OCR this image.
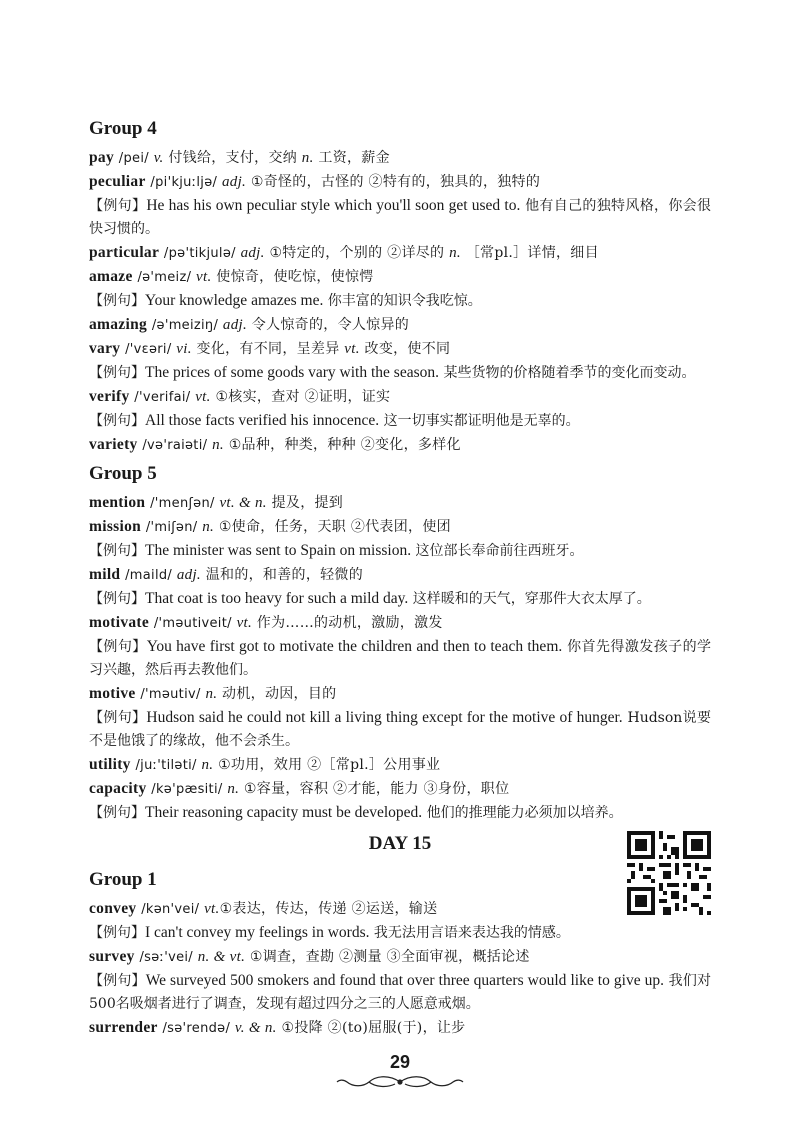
Group 4
pay /pei/ v. 付钱给，支付，交纳 n. 工资，薪金
peculiar /pi'kjuːljə/ adj. ①奇怪的，古怪的 ②特有的，独具的，独特的
【例句】He has his own peculiar style which you'll soon get used to. 他有自己的独特风格，你会很快习惯的。
particular /pə'tikjulə/ adj. ①特定的，个别的 ②详尽的 n. ［常pl.］详情，细目
amaze /ə'meiz/ vt. 使惊奇，使吃惊，使惊愕
【例句】Your knowledge amazes me. 你丰富的知识令我吃惊。
amazing /ə'meiziŋ/ adj. 令人惊奇的，令人惊异的
vary /'vɛəri/ vi. 变化，有不同，呈差异 vt. 改变，使不同
【例句】The prices of some goods vary with the season. 某些货物的价格随着季节的变化而变动。
verify /'verifai/ vt. ①核实，查对 ②证明，证实
【例句】All those facts verified his innocence. 这一切事实都证明他是无辜的。
variety /və'raiəti/ n. ①品种，种类，种种 ②变化，多样化
Group 5
mention /'menʃən/ vt. & n. 提及，提到
mission /'miʃən/ n. ①使命，任务，天职 ②代表团，使团
【例句】The minister was sent to Spain on mission. 这位部长奉命前往西班牙。
mild /maild/ adj. 温和的，和善的，轻微的
【例句】That coat is too heavy for such a mild day. 这样暖和的天气，穿那件大衣太厚了。
motivate /'məutiveit/ vt. 作为……的动机，激励，激发
【例句】You have first got to motivate the children and then to teach them. 你首先得激发孩子的学习兴趣，然后再去教他们。
motive /'məutiv/ n. 动机，动因，目的
【例句】Hudson said he could not kill a living thing except for the motive of hunger. Hudson说要不是他饿了的缘故，他不会杀生。
utility /juː'tiləti/ n. ①功用，效用 ②［常pl.］公用事业
capacity /kə'pæsiti/ n. ①容量，容积 ②才能，能力 ③身份，职位
【例句】Their reasoning capacity must be developed. 他们的推理能力必须加以培养。
DAY 15
Group 1
convey /kən'vei/ vt.①表达，传达，传递 ②运送，输送
【例句】I can't convey my feelings in words. 我无法用言语来表达我的情感。
survey /səː'vei/ n. & vt. ①调查，查勘 ②测量 ③全面审视，概括论述
【例句】We surveyed 500 smokers and found that over three quarters would like to give up. 我们对500名吸烟者进行了调查，发现有超过四分之三的人愿意戒烟。
surrender /sə'rendə/ v. & n. ①投降 ②(to)屈服(于)，让步
29
